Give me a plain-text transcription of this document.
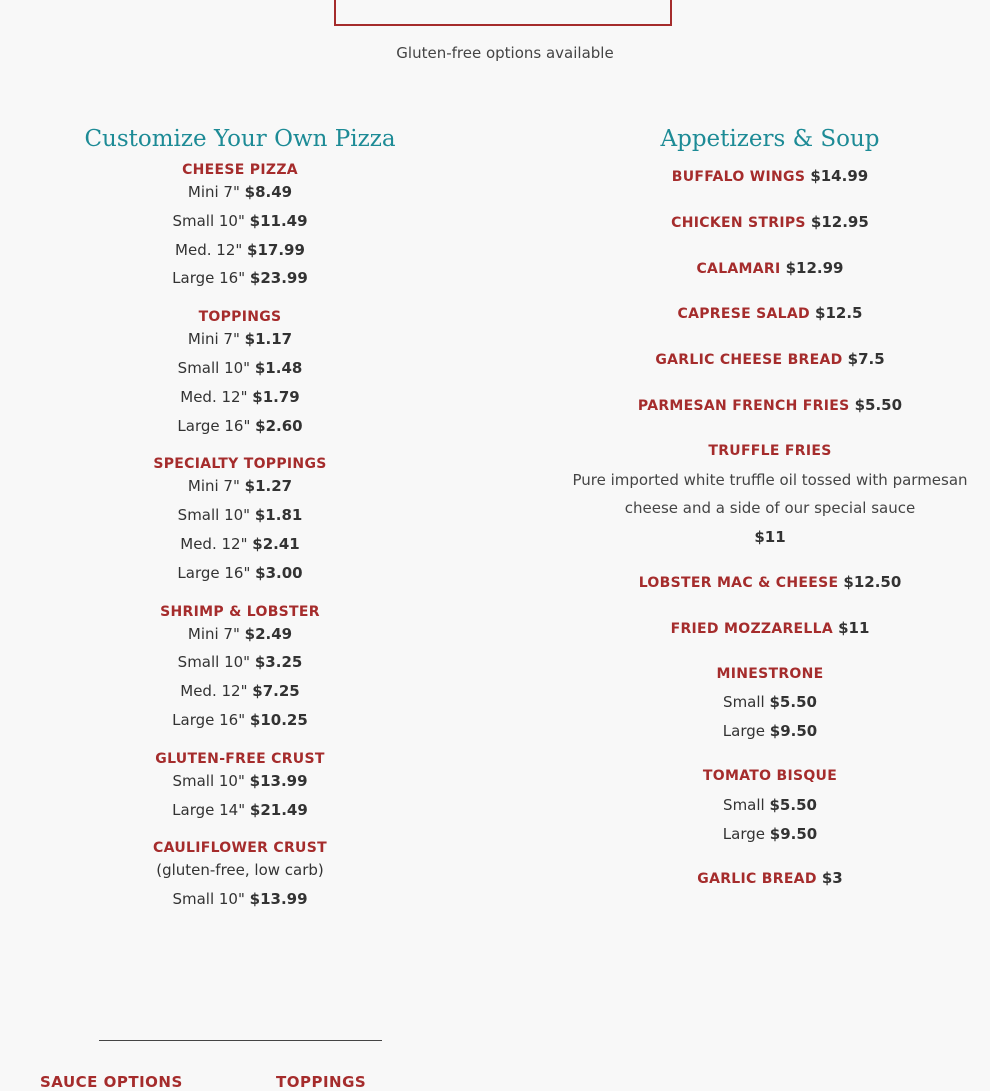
Gluten-free options available
Customize Your Own Pizza
CHEESE PIZZA
Mini 7" $8.49
Small 10" $11.49
Med. 12" $17.99
Large 16" $23.99
TOPPINGS
Mini 7" $1.17
Small 10" $1.48
Med. 12" $1.79
Large 16" $2.60
SPECIALTY TOPPINGS
Mini 7" $1.27
Small 10" $1.81
Med. 12" $2.41
Large 16" $3.00
SHRIMP & LOBSTER
Mini 7" $2.49
Small 10" $3.25
Med. 12" $7.25
Large 16" $10.25
GLUTEN-FREE CRUST
Small 10" $13.99
Large 14" $21.49
CAULIFLOWER CRUST
(gluten-free, low carb)
Small 10" $13.99
Appetizers & Soup
BUFFALO WINGS $14.99
CHICKEN STRIPS $12.95
CALAMARI $12.99
CAPRESE SALAD $12.5
GARLIC CHEESE BREAD $7.5
PARMESAN FRENCH FRIES $5.50
TRUFFLE FRIES
Pure imported white truffle oil tossed with parmesan cheese and a side of our special sauce
$11
LOBSTER MAC & CHEESE $12.50
FRIED MOZZARELLA $11
MINESTRONE
Small $5.50
Large $9.50
TOMATO BISQUE
Small $5.50
Large $9.50
GARLIC BREAD $3
SAUCE OPTIONS	TOPPINGS
